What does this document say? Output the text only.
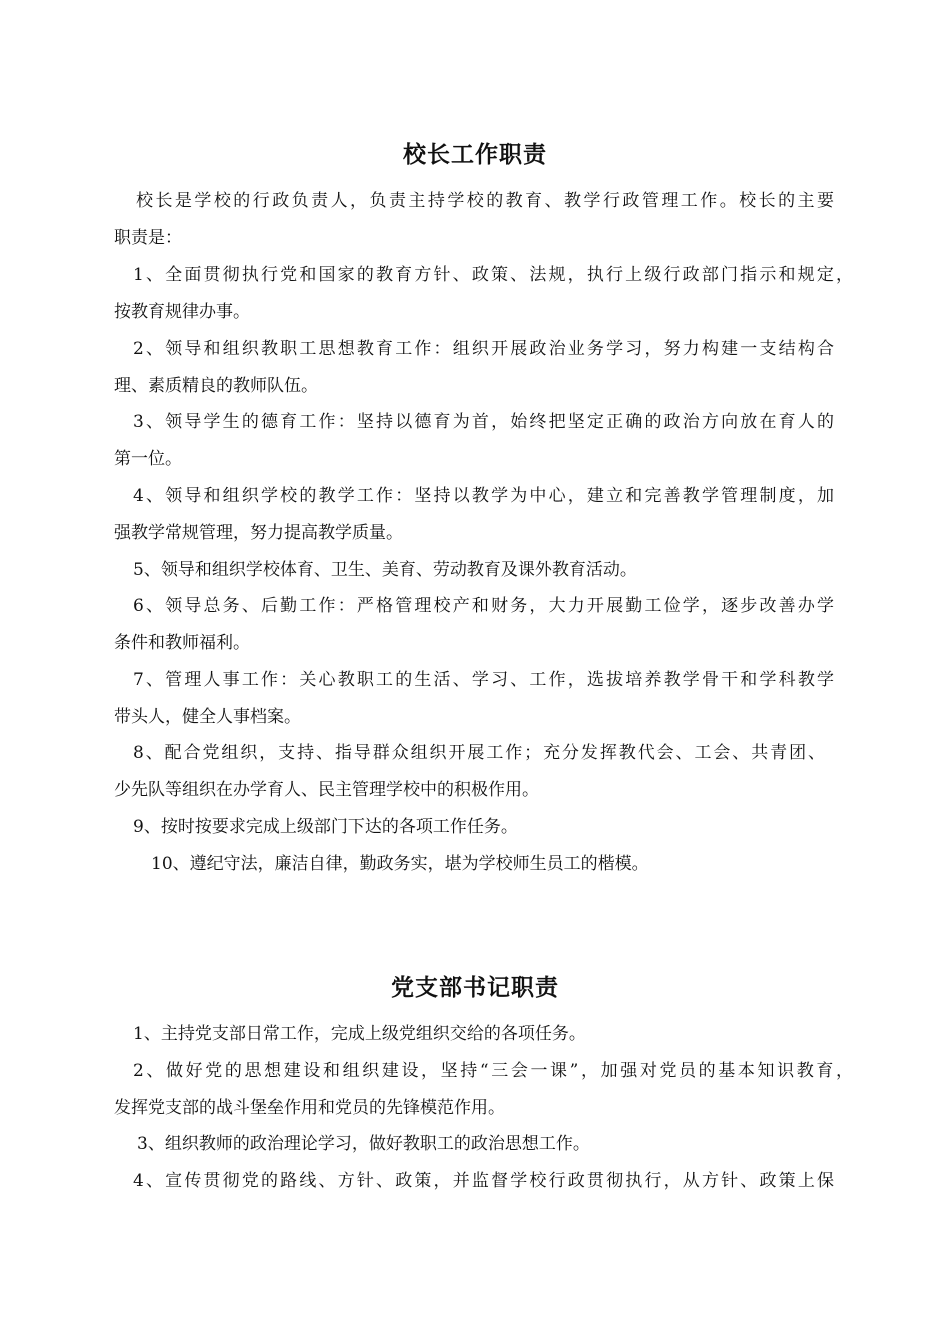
校长工作职责
校长是学校的行政负责人，负责主持学校的教育、教学行政管理工作。校长的主要
职责是：
1、全面贯彻执行党和国家的教育方针、政策、法规，执行上级行政部门指示和规定，
按教育规律办事。
2、领导和组织教职工思想教育工作：组织开展政治业务学习，努力构建一支结构合
理、素质精良的教师队伍。
3、领导学生的德育工作：坚持以德育为首，始终把坚定正确的政治方向放在育人的
第一位。
4、领导和组织学校的教学工作：坚持以教学为中心，建立和完善教学管理制度，加
强教学常规管理，努力提高教学质量。
5、领导和组织学校体育、卫生、美育、劳动教育及课外教育活动。
6、领导总务、后勤工作：严格管理校产和财务，大力开展勤工俭学，逐步改善办学
条件和教师福利。
7、管理人事工作：关心教职工的生活、学习、工作，选拔培养教学骨干和学科教学
带头人，健全人事档案。
8、配合党组织，支持、指导群众组织开展工作；充分发挥教代会、工会、共青团、
少先队等组织在办学育人、民主管理学校中的积极作用。
9、按时按要求完成上级部门下达的各项工作任务。
10、遵纪守法，廉洁自律，勤政务实，堪为学校师生员工的楷模。
党支部书记职责
1、主持党支部日常工作，完成上级党组织交给的各项任务。
2、做好党的思想建设和组织建设，坚持“三会一课”，加强对党员的基本知识教育，
发挥党支部的战斗堡垒作用和党员的先锋模范作用。
3、组织教师的政治理论学习，做好教职工的政治思想工作。
4、宣传贯彻党的路线、方针、政策，并监督学校行政贯彻执行，从方针、政策上保
